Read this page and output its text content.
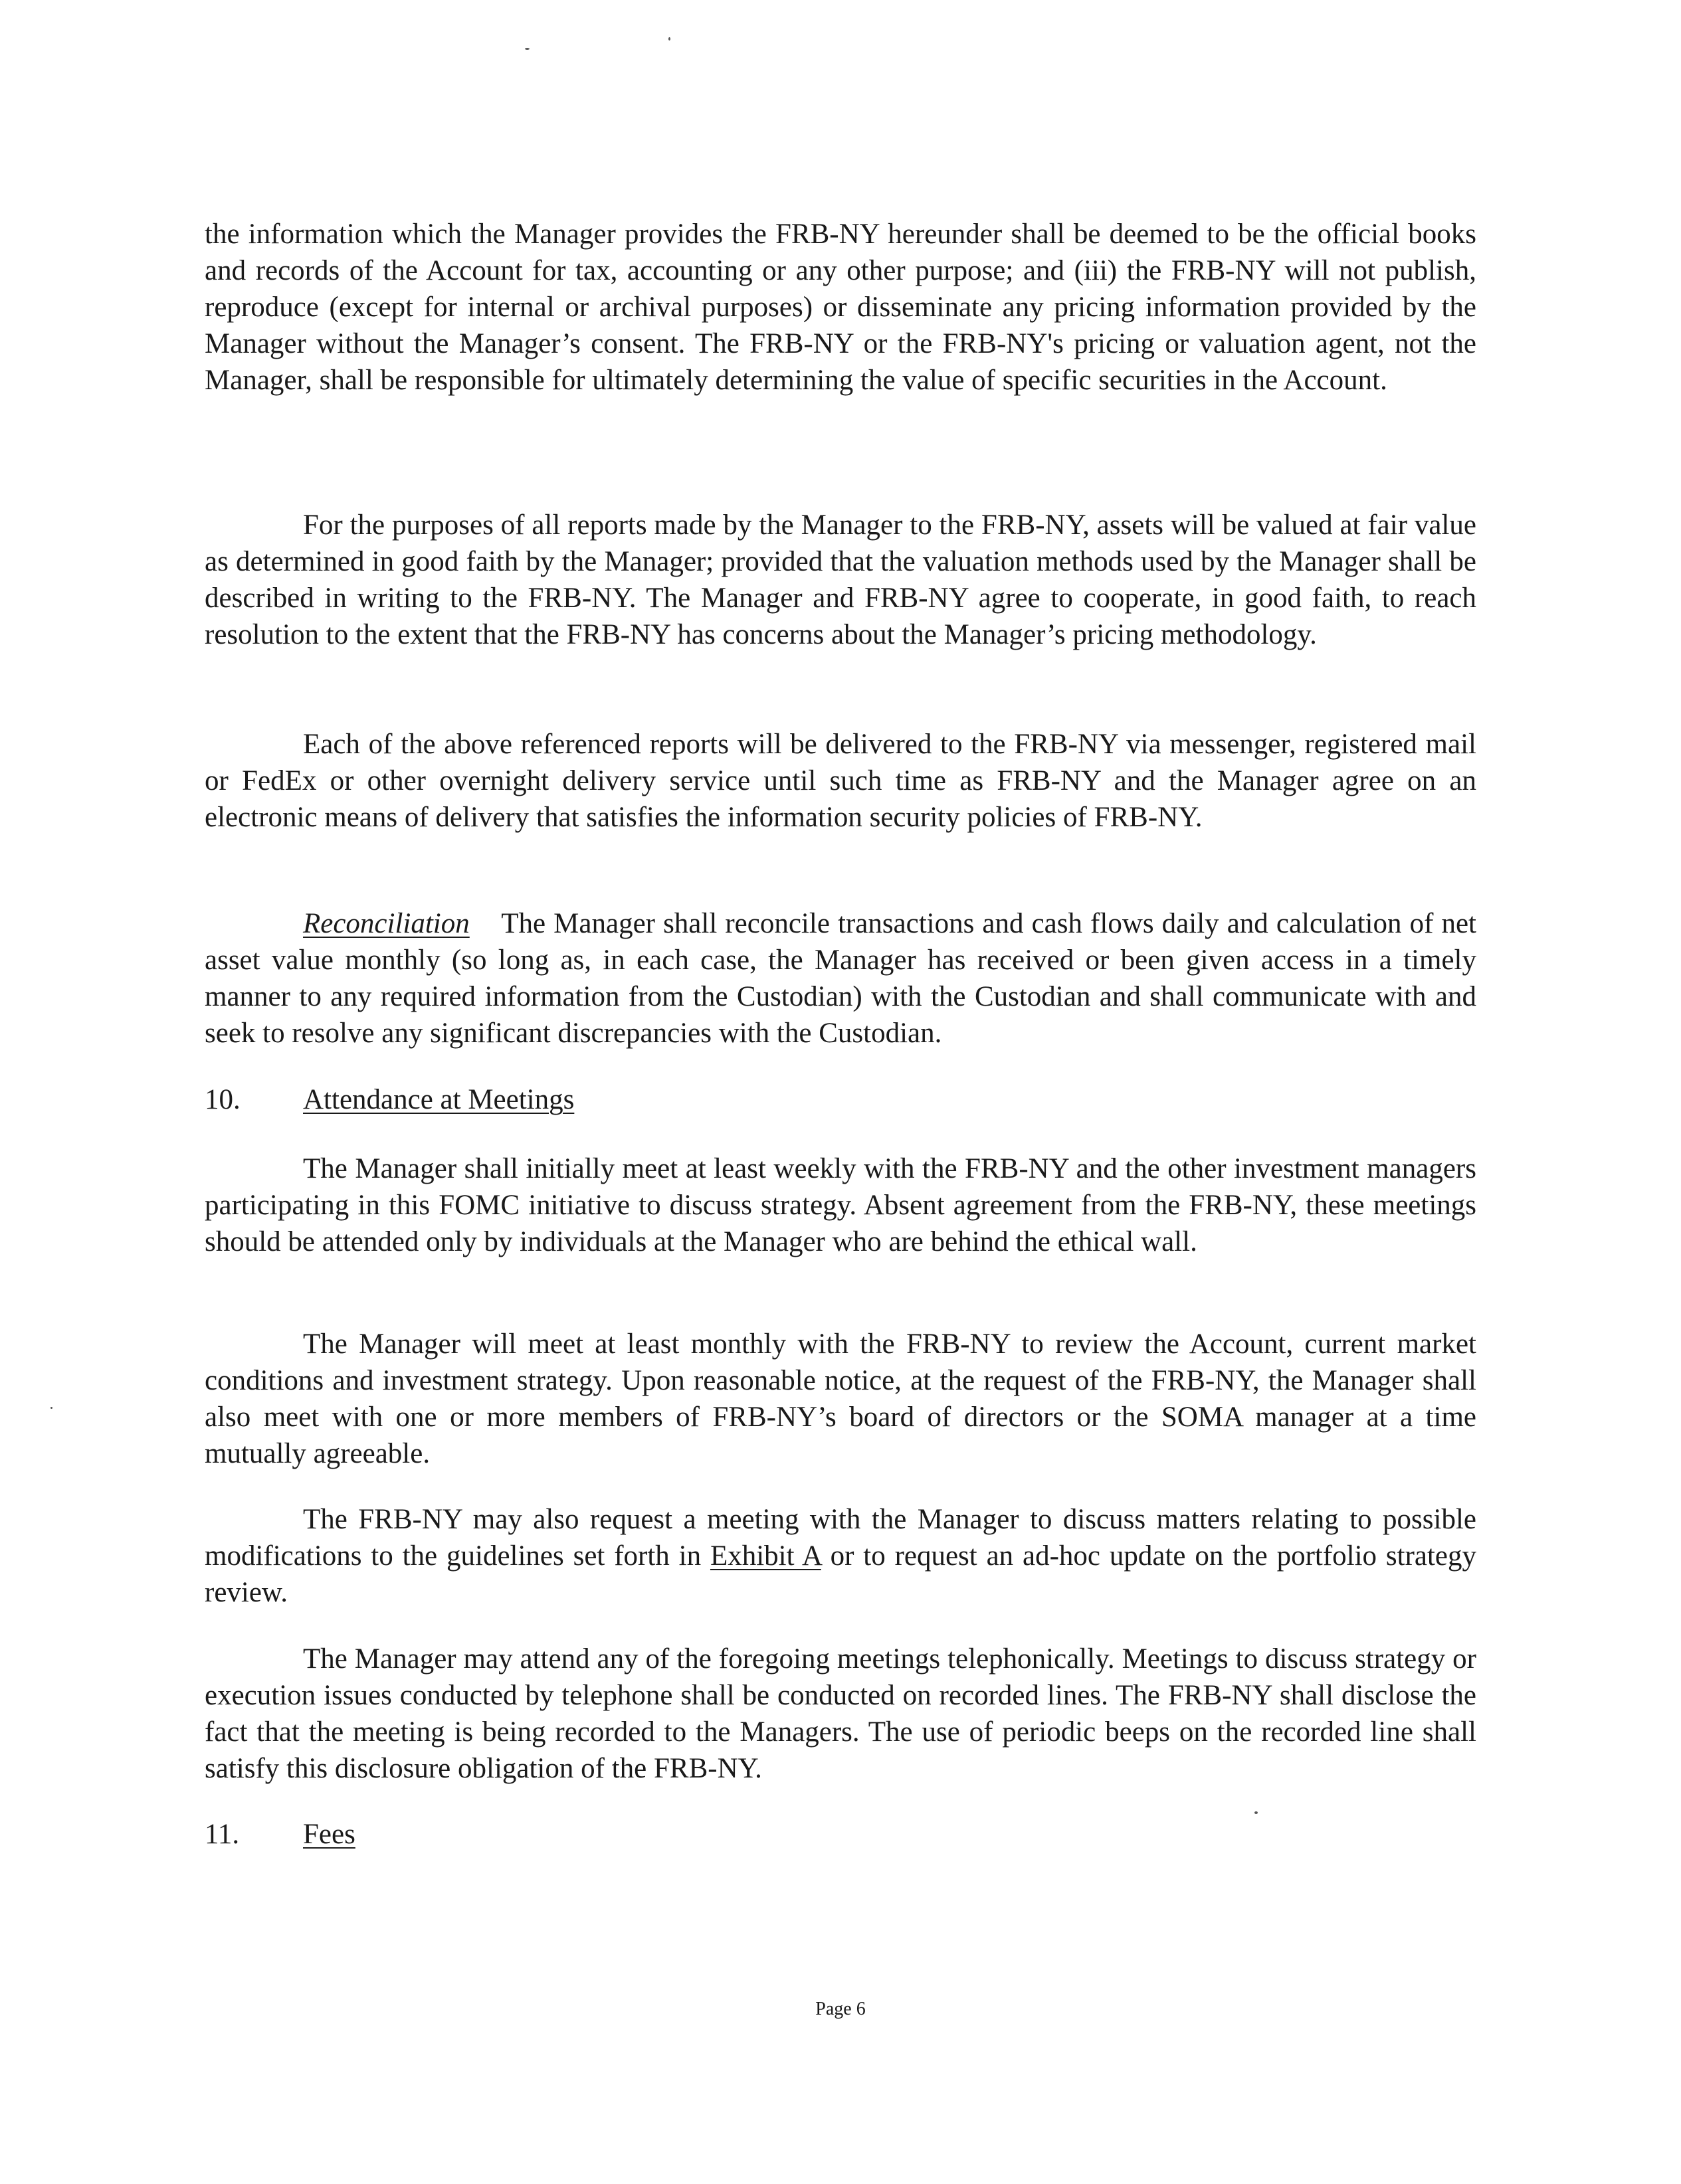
the information which the Manager provides the FRB-NY hereunder shall be deemed to be the official books and records of the Account for tax, accounting or any other purpose; and (iii) the FRB-NY will not publish, reproduce (except for internal or archival purposes) or disseminate any pricing information provided by the Manager without the Manager’s consent. The FRB-NY or the FRB-NY's pricing or valuation agent, not the Manager, shall be responsible for ultimately determining the value of specific securities in the Account.

For the purposes of all reports made by the Manager to the FRB-NY, assets will be valued at fair value as determined in good faith by the Manager; provided that the valuation methods used by the Manager shall be described in writing to the FRB-NY. The Manager and FRB-NY agree to cooperate, in good faith, to reach resolution to the extent that the FRB-NY has concerns about the Manager’s pricing methodology.

Each of the above referenced reports will be delivered to the FRB-NY via messenger, registered mail or FedEx or other overnight delivery service until such time as FRB-NY and the Manager agree on an electronic means of delivery that satisfies the information security policies of FRB-NY.

Reconciliation The Manager shall reconcile transactions and cash flows daily and calculation of net asset value monthly (so long as, in each case, the Manager has received or been given access in a timely manner to any required information from the Custodian) with the Custodian and shall communicate with and seek to resolve any significant discrepancies with the Custodian.

10. Attendance at Meetings

The Manager shall initially meet at least weekly with the FRB-NY and the other investment managers participating in this FOMC initiative to discuss strategy. Absent agreement from the FRB-NY, these meetings should be attended only by individuals at the Manager who are behind the ethical wall.

The Manager will meet at least monthly with the FRB-NY to review the Account, current market conditions and investment strategy. Upon reasonable notice, at the request of the FRB-NY, the Manager shall also meet with one or more members of FRB-NY’s board of directors or the SOMA manager at a time mutually agreeable.

The FRB-NY may also request a meeting with the Manager to discuss matters relating to possible modifications to the guidelines set forth in Exhibit A or to request an ad-hoc update on the portfolio strategy review.

The Manager may attend any of the foregoing meetings telephonically. Meetings to discuss strategy or execution issues conducted by telephone shall be conducted on recorded lines. The FRB-NY shall disclose the fact that the meeting is being recorded to the Managers. The use of periodic beeps on the recorded line shall satisfy this disclosure obligation of the FRB-NY.

11. Fees

Page 6
